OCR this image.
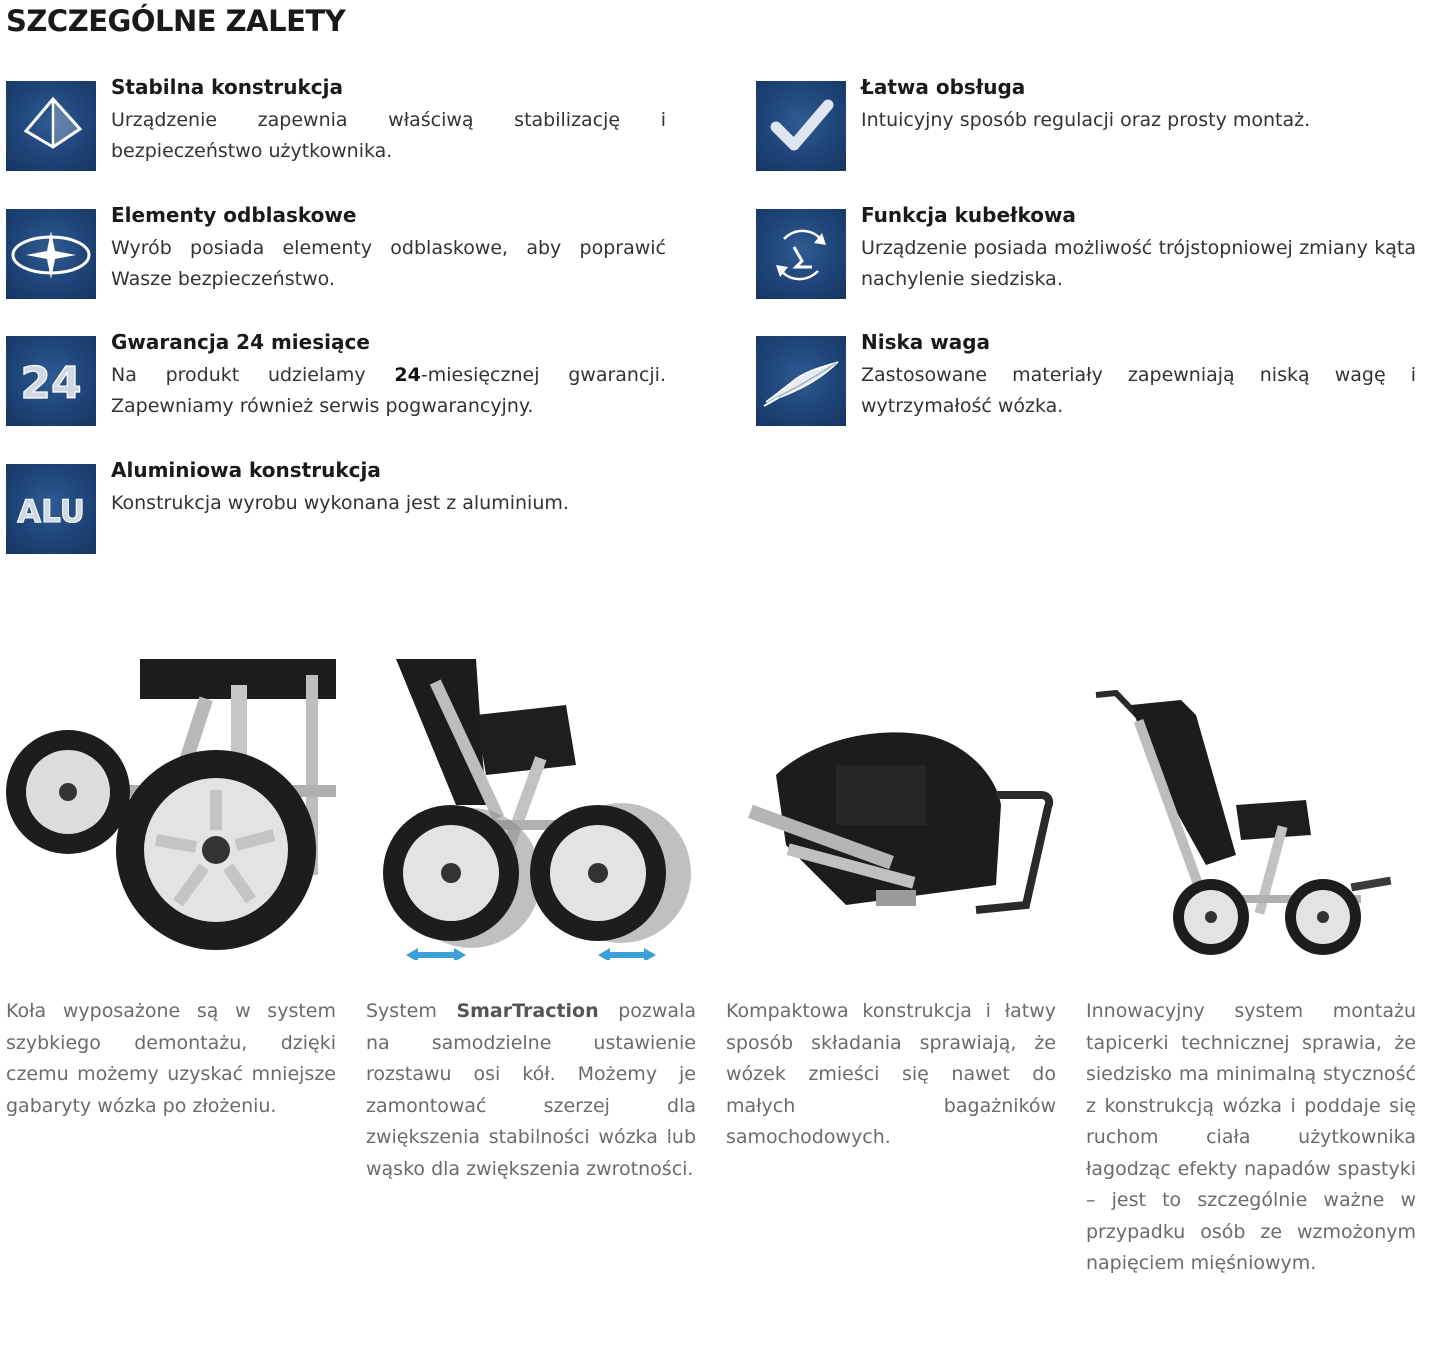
SZCZEGÓLNE ZALETY
Stabilna konstrukcja
Urządzenie zapewnia właściwą stabilizację i bezpieczeństwo użytkownika.
Łatwa obsługa
Intuicyjny sposób regulacji oraz prosty montaż.
Elementy odblaskowe
Wyrób posiada elementy odblaskowe, aby poprawić Wasze bezpieczeństwo.
Funkcja kubełkowa
Urządzenie posiada możliwość trójstopniowej zmiany kąta nachylenie siedziska.
24
Gwarancja 24 miesiące
Na produkt udzielamy 24-miesięcznej gwarancji. Zapewniamy również serwis pogwarancyjny.
Niska waga
Zastosowane materiały zapewniają niską wagę i wytrzymałość wózka.
ALU
Aluminiowa konstrukcja
Konstrukcja wyrobu wykonana jest z aluminium.
Koła wyposażone są w system szybkiego demontażu, dzięki czemu możemy uzyskać mniejsze gabaryty wózka po złożeniu.
System SmarTraction pozwala na samodzielne ustawienie rozstawu osi kół. Możemy je zamontować szerzej dla zwiększenia stabilności wózka lub wąsko dla zwiększenia zwrotności.
Kompaktowa konstrukcja i łatwy sposób składania sprawiają, że wózek zmieści się nawet do małych bagażników samochodowych.
Innowacyjny system montażu tapicerki technicznej sprawia, że siedzisko ma minimalną styczność z konstrukcją wózka i poddaje się ruchom ciała użytkownika łagodząc efekty napadów spastyki – jest to szczególnie ważne w przypadku osób ze wzmożonym napięciem mięśniowym.
